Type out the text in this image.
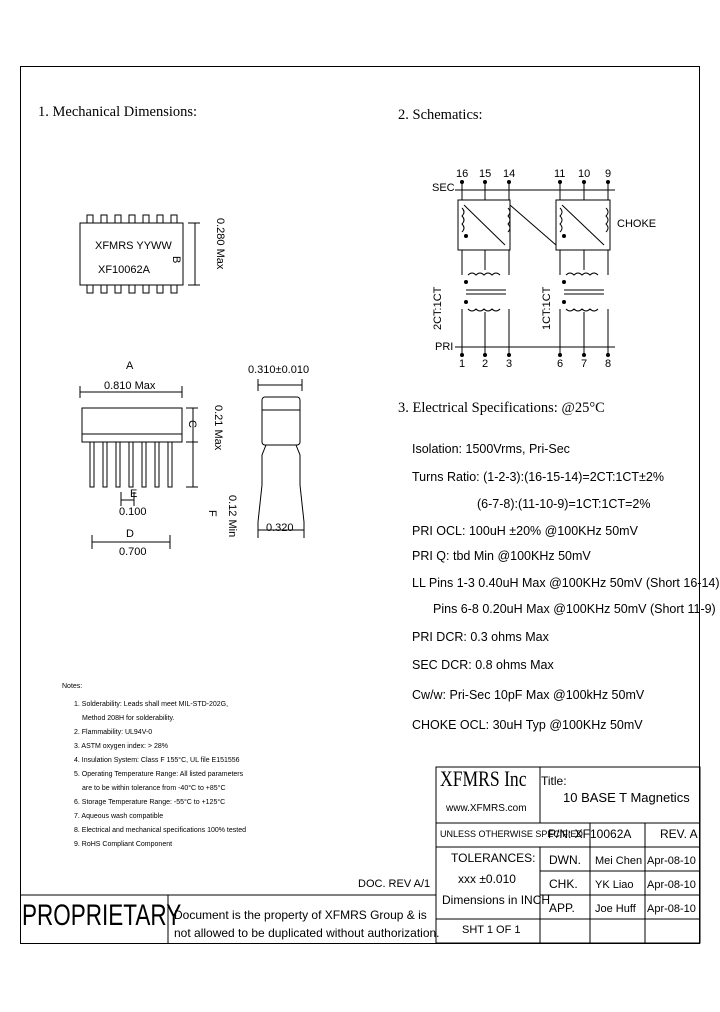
1. Mechanical Dimensions:	2. Schematics:
3. Electrical Specifications: @25°C
XFMRS YYWW
XF10062A
B	0.280 Max
A
0.810 Max
C 0.21 Max
E
0.100
D
0.700
F 0.12 Min
0.310±0.010
0.320
SEC
PRI
16 15 14	11 10 9
1 2 3	6 7 8
2CT:1CT	1CT:1CT
CHOKE
Isolation: 1500Vrms, Pri-Sec
Turns Ratio: (1-2-3):(16-15-14)=2CT:1CT±2%
(6-7-8):(11-10-9)=1CT:1CT=2%
PRI OCL: 100uH ±20% @100KHz 50mV
PRI Q: tbd Min @100KHz 50mV
LL Pins 1-3 0.40uH Max @100KHz 50mV (Short 16-14)
Pins 6-8 0.20uH Max @100KHz 50mV (Short 11-9)
PRI DCR: 0.3 ohms Max
SEC DCR: 0.8 ohms Max
Cw/w: Pri-Sec 10pF Max @100kHz 50mV
CHOKE OCL: 30uH Typ @100KHz 50mV
Notes:
1. Solderability: Leads shall meet MIL-STD-202G,
Method 208H for solderability.
2. Flammability: UL94V-0
3. ASTM oxygen index: > 28%
4. Insulation System: Class F 155°C, UL file E151556
5. Operating Temperature Range: All listed parameters
are to be within tolerance from -40°C to +85°C
6. Storage Temperature Range: -55°C to +125°C
7. Aqueous wash compatible
8. Electrical and mechanical specifications 100% tested
9. RoHS Compliant Component
DOC. REV A/1
XFMRS Inc
www.XFMRS.com
Title:
10 BASE T Magnetics
UNLESS OTHERWISE SPECIFIED
P/N: XF10062A REV. A
TOLERANCES:
xxx ±0.010
Dimensions in INCH
DWN. Mei Chen Apr-08-10
CHK. YK Liao Apr-08-10
APP. Joe Huff Apr-08-10
SHT 1 OF 1
PROPRIETARY
Document is the property of XFMRS Group & is
not allowed to be duplicated without authorization.
